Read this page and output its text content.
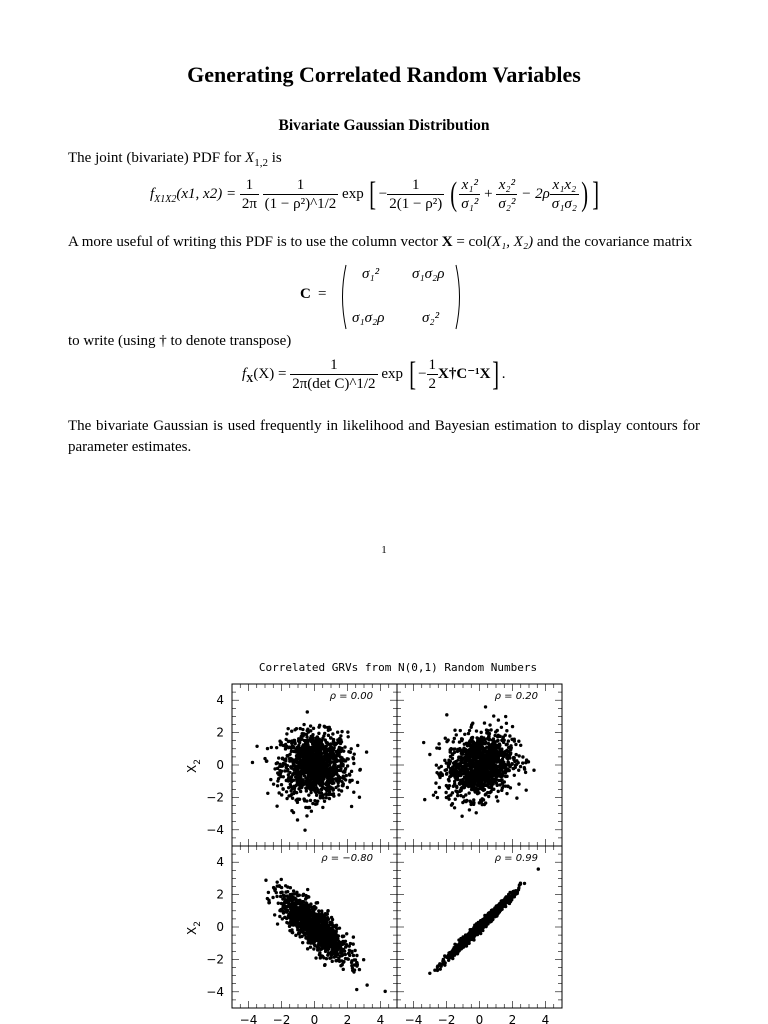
Generating Correlated Random Variables
Bivariate Gaussian Distribution
The joint (bivariate) PDF for $X_{1,2}$ is
$f_{X1X2}(x1$, $x2) = \frac{1}{2\pi}$
$\frac{1}{\text{(1 − ρ²)\textasciicircum{}1/2}}$ exp [ − $\frac{1}{\text{2(1 − ρ²)}}$ ( $\frac{\text{x₁²}}{\text{σ₁²}} + \frac{\text{x₂²}}{\text{σ₂²}} - 2\rho \frac{\text{x₁x₂}}{\text{σ₁σ₂}}$ ) ]
A more useful of writing this PDF is to use the column vector X = col(X₁, X₂) and the covariance matrix
C =
σ₁² σ₁σ₂ρ
σ₁σ₂ρ	σ₂²
to write (using † to denote transpose)
$f_X(X) = \frac{1}{\text{2π(det C)\textasciicircum{}1/2}}$ exp [ − $\frac{1}{2}$ X†C⁻¹X] .
The bivariate Gaussian is used frequently in likelihood and Bayesian estimation to display contours for parameter estimates.
1
Correlated GRVs from N(0,1) Random Numbers
ρ = 0.00
4
2
0
−2
−4
$X_2$
ρ = 0.20
ρ = −0.80
4
2
0
−2
−4
$X_2$
−4 −2 0 2 4
ρ = 0.99
−4 −2 0 2 4
